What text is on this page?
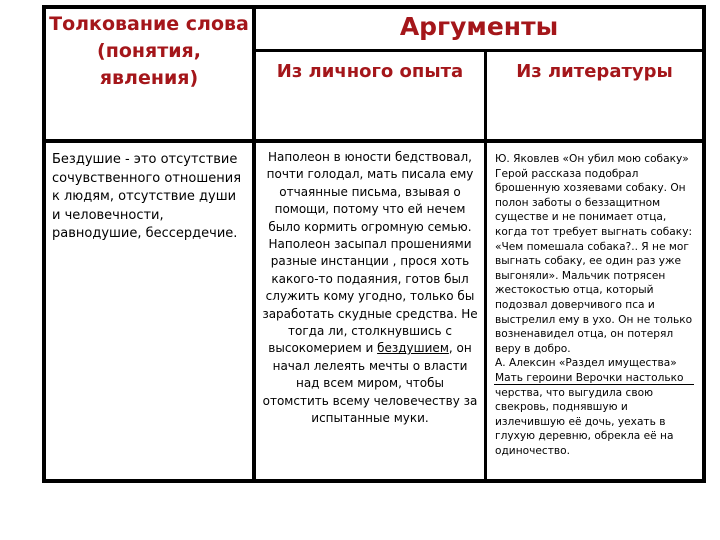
Толкование слова (понятия, явления)
Аргументы
Из личного опыта	Из литературы
Бездушие - это отсутствие сочувственного отношения к людям, отсутствие души и человечности, равнодушие, бессердечие.
Наполеон в юности бедствовал, почти голодал, мать писала ему отчаянные письма, взывая о помощи, потому что ей нечем было кормить огромную семью. Наполеон засыпал прошениями разные инстанции , прося хоть какого-то подаяния, готов был служить кому угодно, только бы заработать скудные средства. Не тогда ли, столкнувшись с высокомерием и бездушием, он начал лелеять мечты о власти над всем миром, чтобы отомстить всему человечеству за испытанные муки.

Ю. Яковлев «Он убил мою собаку» Герой рассказа подобрал брошенную хозяевами собаку. Он полон заботы о беззащитном существе и не понимает отца, когда тот требует выгнать собаку: «Чем помешала собака?.. Я не мог выгнать собаку, ее один раз уже выгоняли». Мальчик потрясен жестокостью отца, который подозвал доверчивого пса и выстрелил ему в ухо. Он не только возненавидел отца, он потерял веру в добро.

А. Алексин «Раздел имущества» Мать героини Верочки настолько черства, что выгудила свою свекровь, поднявшую и излечившую её дочь, уехать в глухую деревню, обрекла её на одиночество.
